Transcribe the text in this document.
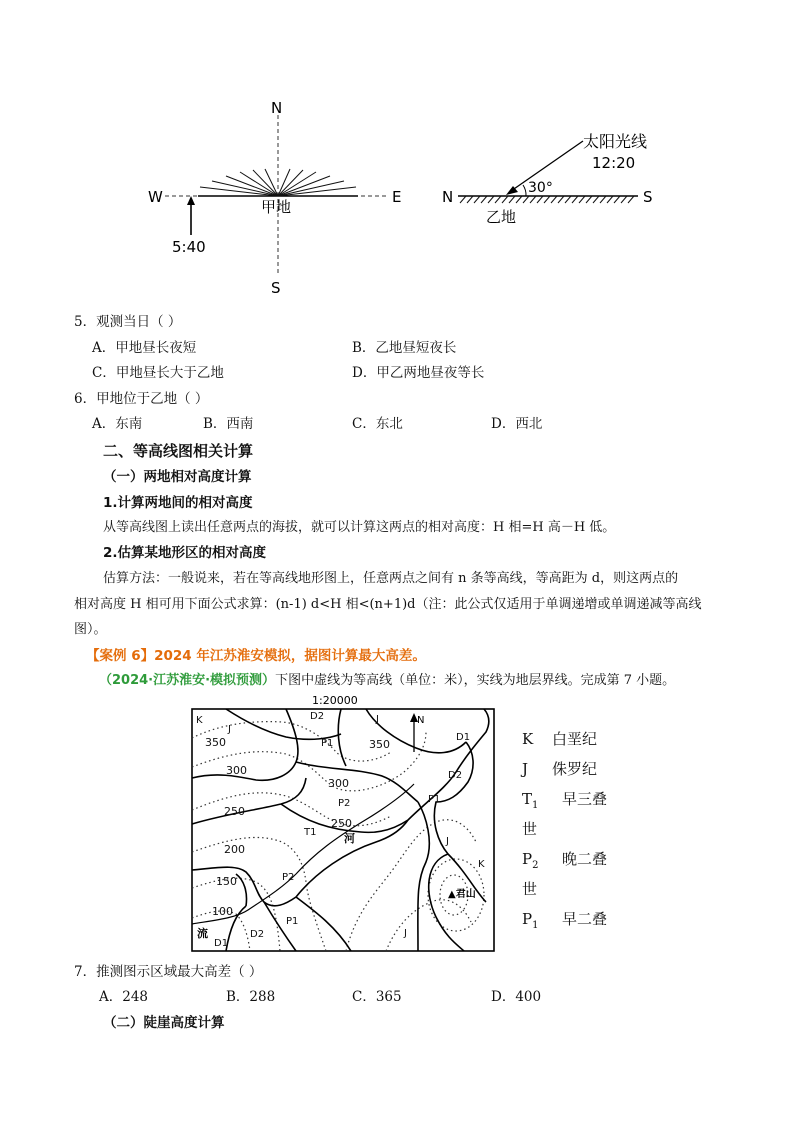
N
S
W	E
甲地
5:40
N	S
太阳光线
12:20
30°
乙地
5．观测当日（ ）
A．甲地昼长夜短	B．乙地昼短夜长
C．甲地昼长大于乙地	D．甲乙两地昼夜等长
6．甲地位于乙地（ ）
A．东南	B．西南	C．东北	D．西北
二、等高线图相关计算
（一）两地相对高度计算
1.计算两地间的相对高度
从等高线图上读出任意两点的海拔，就可以计算这两点的相对高度：H 相=H 高－H 低。
2.估算某地形区的相对高度
估算方法：一般说来，若在等高线地形图上，任意两点之间有 n 条等高线，等高距为 d，则这两点的
相对高度 H 相可用下面公式求算：(n-1) d<H 相<(n+1)d（注：此公式仅适用于单调递增或单调递减等高线
图）。
【案例 6】2024 年江苏淮安模拟，据图计算最大高差。
（2024·江苏淮安·模拟预测）下图中虚线为等高线（单位：米），实线为地层界线。完成第 7 小题。
1:20000
N
350	350
300
300
250
250
200
150
100
K
J
D2	J
D1
P1
D2
P2	P1
T1
J
K
P2
D1
D2
P1
J
河
流
▲君山
K 白垩纪
J 侏罗纪
$T_1$ 早三叠
世
$P_2$ 晚二叠
世
$P_1$ 早二叠
7．推测图示区域最大高差（ ）
A．248	B．288	C．365	D．400
（二）陡崖高度计算
